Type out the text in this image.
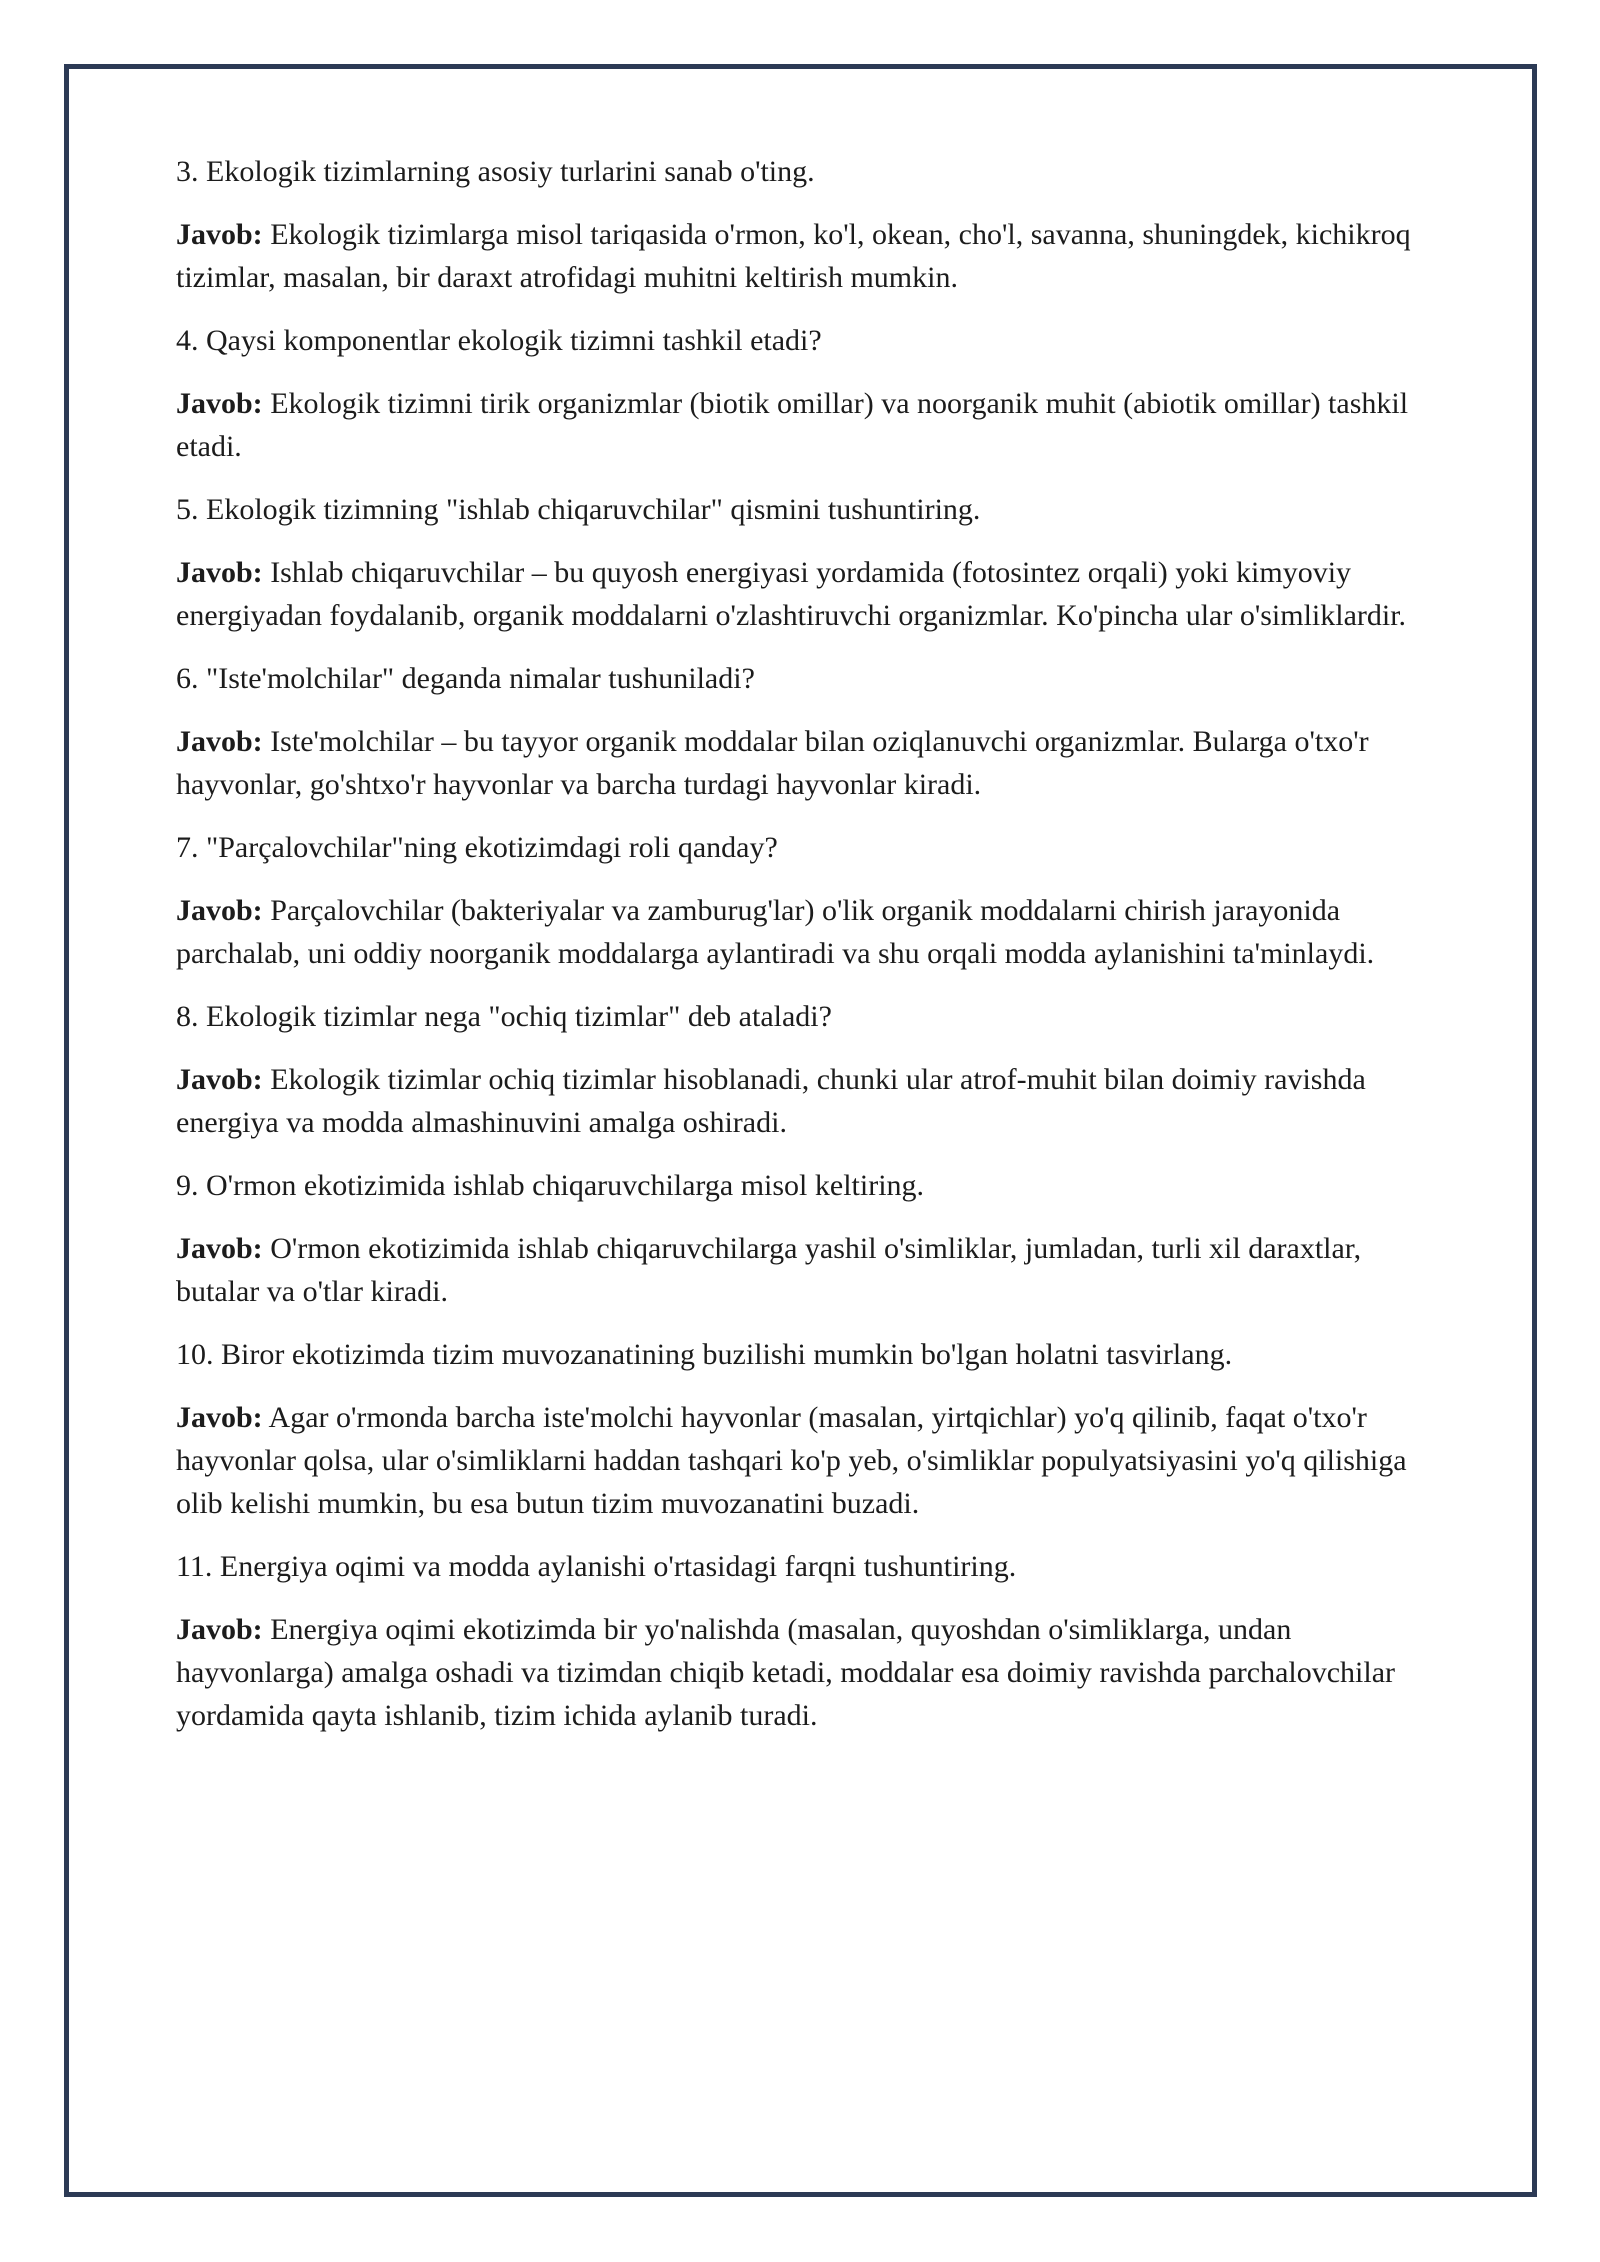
3. Ekologik tizimlarning asosiy turlarini sanab o'ting.

Javob: Ekologik tizimlarga misol tariqasida o'rmon, ko'l, okean, cho'l, savanna, shuningdek, kichikroq tizimlar, masalan, bir daraxt atrofidagi muhitni keltirish mumkin.

4. Qaysi komponentlar ekologik tizimni tashkil etadi?

Javob: Ekologik tizimni tirik organizmlar (biotik omillar) va noorganik muhit (abiotik omillar) tashkil etadi.

5. Ekologik tizimning "ishlab chiqaruvchilar" qismini tushuntiring.

Javob: Ishlab chiqaruvchilar – bu quyosh energiyasi yordamida (fotosintez orqali) yoki kimyoviy energiyadan foydalanib, organik moddalarni o'zlashtiruvchi organizmlar. Ko'pincha ular o'simliklardir.

6. "Iste'molchilar" deganda nimalar tushuniladi?

Javob: Iste'molchilar – bu tayyor organik moddalar bilan oziqlanuvchi organizmlar. Bularga o'txo'r hayvonlar, go'shtxo'r hayvonlar va barcha turdagi hayvonlar kiradi.

7. "Parçalovchilar"ning ekotizimdagi roli qanday?

Javob: Parçalovchilar (bakteriyalar va zamburug'lar) o'lik organik moddalarni chirish jarayonida parchalab, uni oddiy noorganik moddalarga aylantiradi va shu orqali modda aylanishini ta'minlaydi.

8. Ekologik tizimlar nega "ochiq tizimlar" deb ataladi?

Javob: Ekologik tizimlar ochiq tizimlar hisoblanadi, chunki ular atrof-muhit bilan doimiy ravishda energiya va modda almashinuvini amalga oshiradi.

9. O'rmon ekotizimida ishlab chiqaruvchilarga misol keltiring.

Javob: O'rmon ekotizimida ishlab chiqaruvchilarga yashil o'simliklar, jumladan, turli xil daraxtlar, butalar va o'tlar kiradi.

10. Biror ekotizimda tizim muvozanatining buzilishi mumkin bo'lgan holatni tasvirlang.

Javob: Agar o'rmonda barcha iste'molchi hayvonlar (masalan, yirtqichlar) yo'q qilinib, faqat o'txo'r hayvonlar qolsa, ular o'simliklarni haddan tashqari ko'p yeb, o'simliklar populyatsiyasini yo'q qilishiga olib kelishi mumkin, bu esa butun tizim muvozanatini buzadi.

11. Energiya oqimi va modda aylanishi o'rtasidagi farqni tushuntiring.

Javob: Energiya oqimi ekotizimda bir yo'nalishda (masalan, quyoshdan o'simliklarga, undan hayvonlarga) amalga oshadi va tizimdan chiqib ketadi, moddalar esa doimiy ravishda parchalovchilar yordamida qayta ishlanib, tizim ichida aylanib turadi.
